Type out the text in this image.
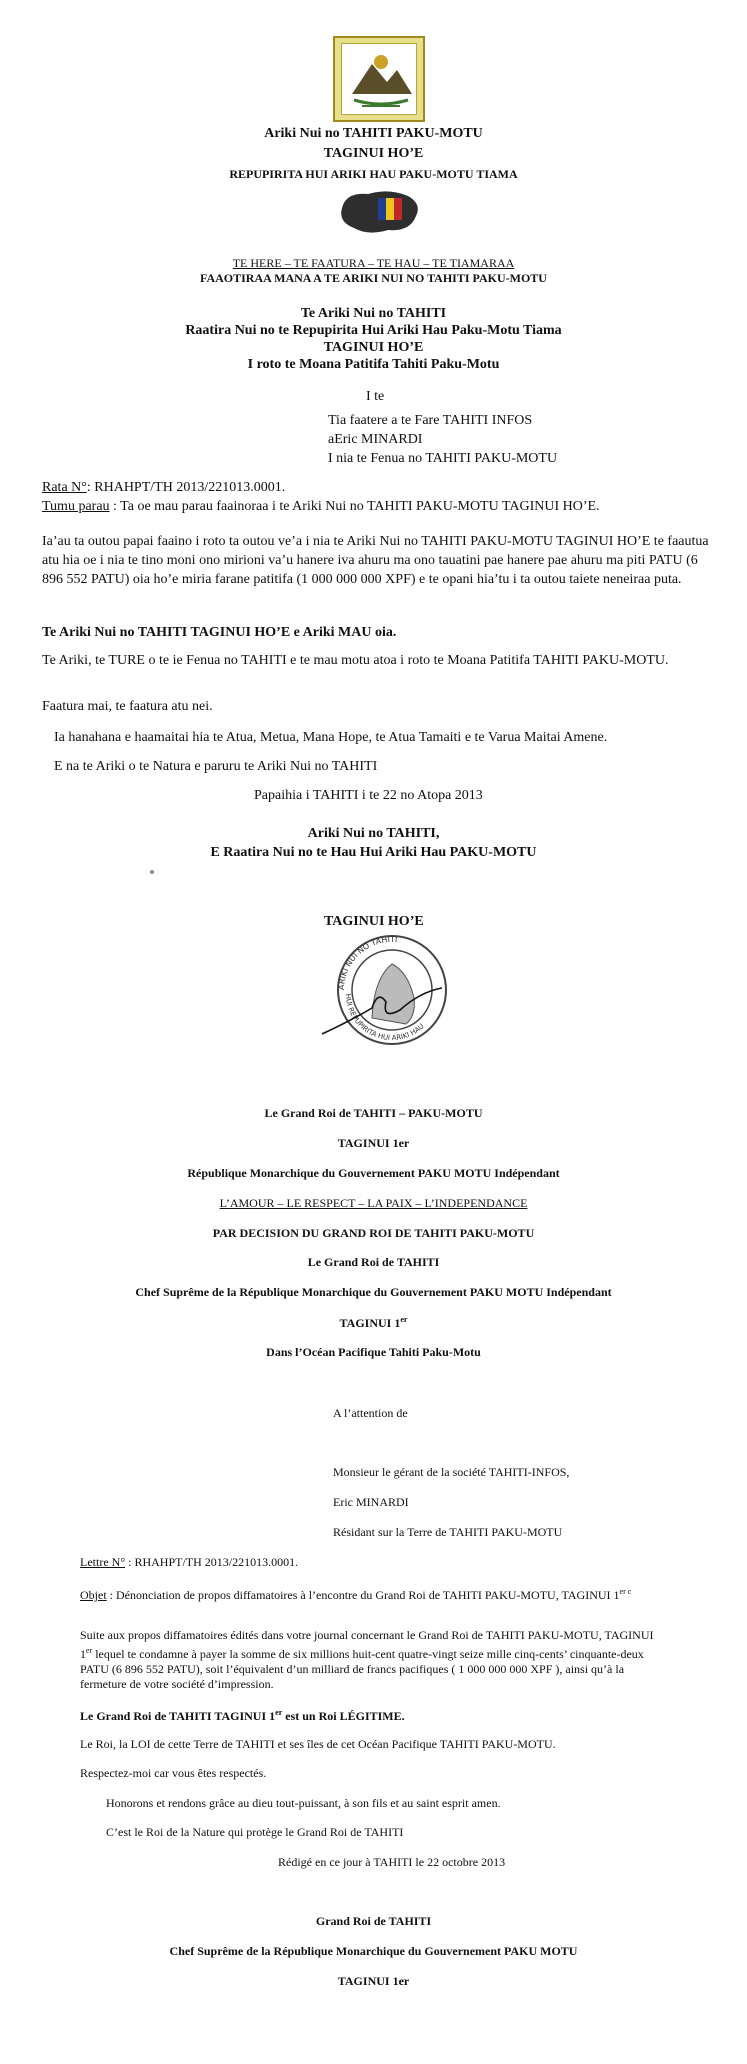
Ariki Nui no TAHITI PAKU-MOTU
TAGINUI HO’E
REPUPIRITA HUI ARIKI HAU PAKU-MOTU TIAMA
TE HERE – TE FAATURA – TE HAU – TE TIAMARAA
FAAOTIRAA MANA A TE ARIKI NUI NO TAHITI PAKU-MOTU
Te Ariki Nui no TAHITI
Raatira Nui no te Repupirita Hui Ariki Hau Paku-Motu Tiama
TAGINUI HO’E
I roto te Moana Patitifa Tahiti Paku-Motu
I te
Tia faatere a te Fare TAHITI INFOS
aEric MINARDI
I nia te Fenua no TAHITI PAKU-MOTU
Rata N°: RHAHPT/TH 2013/221013.0001.
Tumu parau : Ta oe mau parau faainoraa i te Ariki Nui no TAHITI PAKU-MOTU TAGINUI HO’E.
Ia’au ta outou papai faaino i roto ta outou ve’a i nia te Ariki Nui no TAHITI PAKU-MOTU TAGINUI HO’E te faautua atu hia oe i nia te tino moni ono mirioni va’u hanere iva ahuru ma ono tauatini pae hanere pae ahuru ma piti PATU (6 896 552 PATU) oia ho’e miria farane patitifa (1 000 000 000 XPF) e te opani hia’tu i ta outou taiete neneiraa puta.
Te Ariki Nui no TAHITI TAGINUI HO’E e Ariki MAU oia.
Te Ariki, te TURE o te ie Fenua no TAHITI e te mau motu atoa i roto te Moana Patitifa TAHITI PAKU-MOTU.
Faatura mai, te faatura atu nei.
Ia hanahana e haamaitai hia te Atua, Metua, Mana Hope, te Atua Tamaiti e te Varua Maitai Amene.
E na te Ariki o te Natura e paruru te Ariki Nui no TAHITI
Papaihia i TAHITI i te 22 no Atopa 2013
Ariki Nui no TAHITI,
E Raatira Nui no te Hau Hui Ariki Hau PAKU-MOTU
TAGINUI HO’E
ARIKI NUI NO TAHITI
HUI REPUPIRITA HUI ARIKI HAU
Le Grand Roi de TAHITI – PAKU-MOTU
TAGINUI 1er
République Monarchique du Gouvernement PAKU MOTU Indépendant
L’AMOUR – LE RESPECT – LA PAIX – L’INDEPENDANCE
PAR DECISION DU GRAND ROI DE TAHITI PAKU-MOTU
Le Grand Roi de TAHITI
Chef Suprême de la République Monarchique du Gouvernement PAKU MOTU Indépendant
TAGINUI 1er
Dans l’Océan Pacifique Tahiti Paku-Motu
A l’attention de
Monsieur le gérant de la société TAHITI-INFOS,
Eric MINARDI
Résidant sur la Terre de TAHITI PAKU-MOTU
Lettre N° : RHAHPT/TH 2013/221013.0001.
Objet : Dénonciation de propos diffamatoires à l’encontre du Grand Roi de TAHITI PAKU-MOTU, TAGINUI $1^{er c}$
Suite aux propos diffamatoires édités dans votre journal concernant le Grand Roi de TAHITI PAKU-MOTU, TAGINUI 1er lequel te condamne à payer la somme de six millions huit-cent quatre-vingt seize mille cinq-cents’ cinquante-deux PATU (6 896 552 PATU), soit l’équivalent d’un milliard de francs pacifiques ( 1 000 000 000 XPF ), ainsi qu’à la fermeture de votre société d’impression.
Le Grand Roi de TAHITI TAGINUI 1er est un Roi LÉGITIME.
Le Roi, la LOI de cette Terre de TAHITI et ses îles de cet Océan Pacifique TAHITI PAKU-MOTU.
Respectez-moi car vous êtes respectés.
Honorons et rendons grâce au dieu tout-puissant, à son fils et au saint esprit amen.
C’est le Roi de la Nature qui protège le Grand Roi de TAHITI
Rédigé en ce jour à TAHITI le 22 octobre 2013
Grand Roi de TAHITI
Chef Suprême de la République Monarchique du Gouvernement PAKU MOTU
TAGINUI 1er
